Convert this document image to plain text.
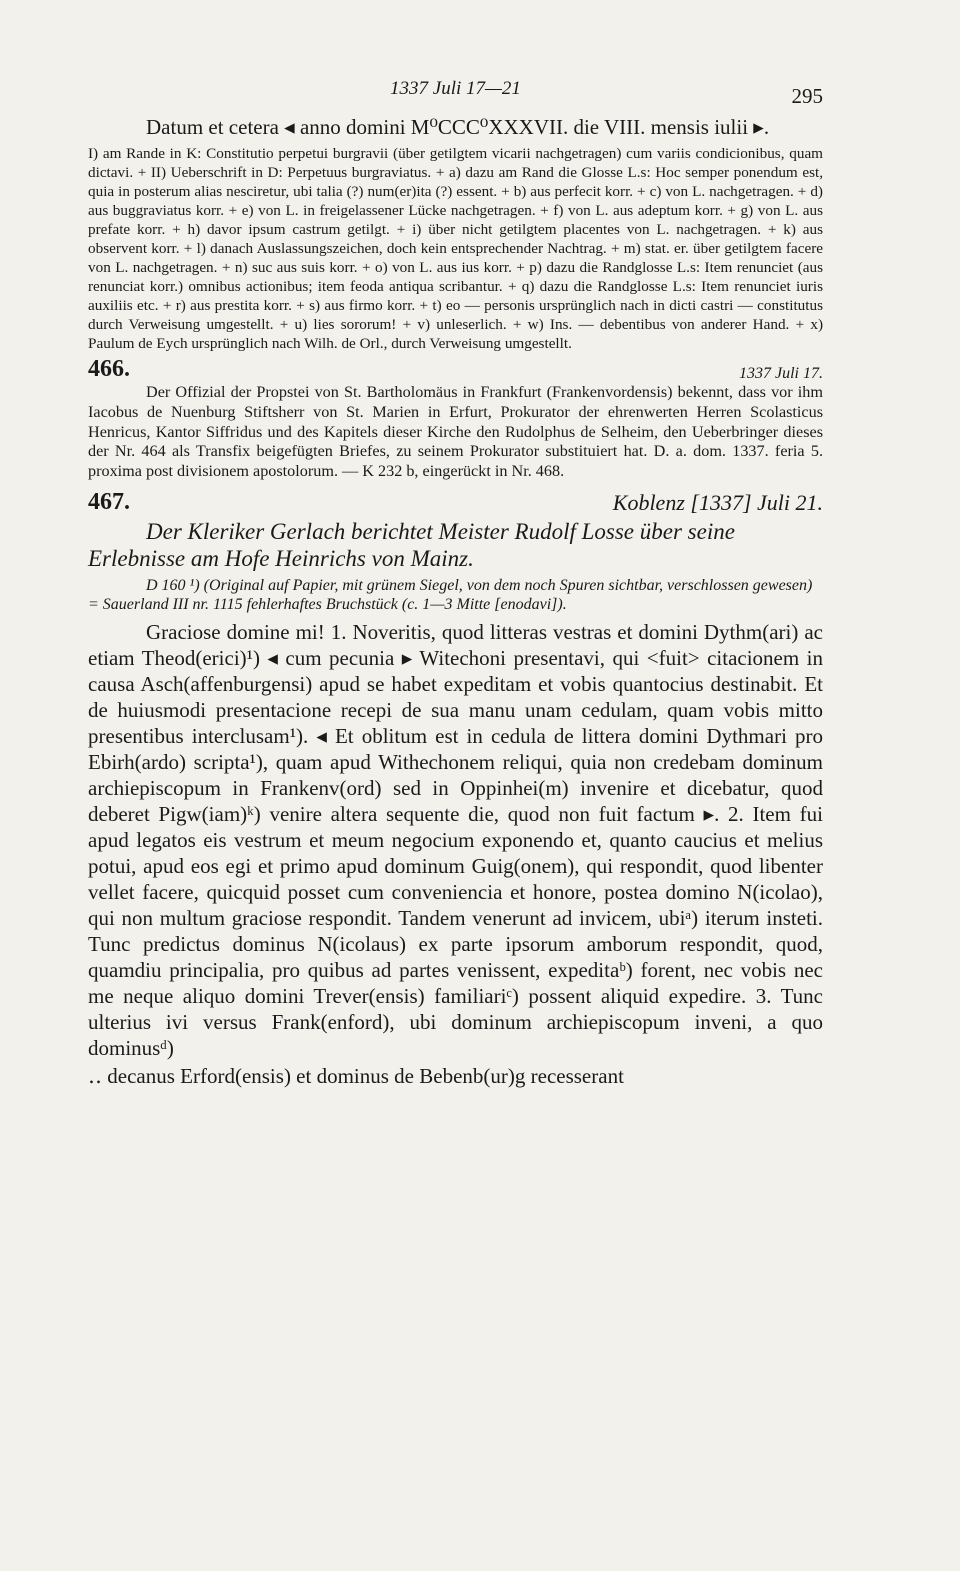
1337 Juli 17—21	295

Datum et cetera ◂ anno domini M⁰CCC⁰XXXVII. die VIII. mensis iulii ▸.

I) am Rande in K: Constitutio perpetui burgravii (über getilgtem vicarii nachgetragen) cum variis condicionibus, quam dictavi. + II) Ueberschrift in D: Perpetuus burgraviatus. + a) dazu am Rand die Glosse L.s: Hoc semper ponendum est, quia in posterum alias nesciretur, ubi talia (?) num(er)ita (?) essent. + b) aus perfecit korr. + c) von L. nachgetragen. + d) aus buggraviatus korr. + e) von L. in freigelassener Lücke nachgetragen. + f) von L. aus adeptum korr. + g) von L. aus prefate korr. + h) davor ipsum castrum getilgt. + i) über nicht getilgtem placentes von L. nachgetragen. + k) aus observent korr. + l) danach Auslassungszeichen, doch kein entsprechender Nachtrag. + m) stat. er. über getilgtem facere von L. nachgetragen. + n) suc aus suis korr. + o) von L. aus ius korr. + p) dazu die Randglosse L.s: Item renunciet (aus renunciat korr.) omnibus actionibus; item feoda antiqua scribantur. + q) dazu die Randglosse L.s: Item renunciet iuris auxiliis etc. + r) aus prestita korr. + s) aus firmo korr. + t) eo — personis ursprünglich nach in dicti castri — constitutus durch Verweisung umgestellt. + u) lies sororum! + v) unleserlich. + w) Ins. — debentibus von anderer Hand. + x) Paulum de Eych ursprünglich nach Wilh. de Orl., durch Verweisung umgestellt.

466.	1337 Juli 17.

Der Offizial der Propstei von St. Bartholomäus in Frankfurt (Frankenvordensis) bekennt, dass vor ihm Iacobus de Nuenburg Stiftsherr von St. Marien in Erfurt, Prokurator der ehrenwerten Herren Scolasticus Henricus, Kantor Siffridus und des Kapitels dieser Kirche den Rudolphus de Selheim, den Ueberbringer dieses der Nr. 464 als Transfix beigefügten Briefes, zu seinem Prokurator substituiert hat. D. a. dom. 1337. feria 5. proxima post divisionem apostolorum. — K 232 b, eingerückt in Nr. 468.

467.	Koblenz [1337] Juli 21.

Der Kleriker Gerlach berichtet Meister Rudolf Losse über seine Erlebnisse am Hofe Heinrichs von Mainz.

D 160 ¹) (Original auf Papier, mit grünem Siegel, von dem noch Spuren sichtbar, verschlossen gewesen) = Sauerland III nr. 1115 fehlerhaftes Bruchstück (c. 1—3 Mitte [enodavi]).

Graciose domine mi! 1. Noveritis, quod litteras vestras et domini Dythm(ari) ac etiam Theod(erici)¹) ◂ cum pecunia ▸ Witechoni presentavi, qui <fuit> citacionem in causa Asch(affenburgensi) apud se habet expeditam et vobis quantocius destinabit. Et de huiusmodi presentacione recepi de sua manu unam cedulam, quam vobis mitto presentibus interclusam¹). ◂ Et oblitum est in cedula de littera domini Dythmari pro Ebirh(ardo) scripta¹), quam apud Withechonem reliqui, quia non credebam dominum archiepiscopum in Frankenv(ord) sed in Oppinhei(m) invenire et dicebatur, quod deberet Pigw(iam)ᵏ) venire altera sequente die, quod non fuit factum ▸. 2. Item fui apud legatos eis vestrum et meum negocium exponendo et, quanto caucius et melius potui, apud eos egi et primo apud dominum Guig(onem), qui respondit, quod libenter vellet facere, quicquid posset cum conveniencia et honore, postea domino N(icolao), qui non multum graciose respondit. Tandem venerunt ad invicem, ubiᵃ) iterum insteti. Tunc predictus dominus N(icolaus) ex parte ipsorum amborum respondit, quod, quamdiu principalia, pro quibus ad partes venissent, expeditaᵇ) forent, nec vobis nec me neque aliquo domini Trever(ensis) familiariᶜ) possent aliquid expedire. 3. Tunc ulterius ivi versus Frank(enford), ubi dominum archiepiscopum inveni, a quo dominusᵈ)

‥ decanus Erford(ensis) et dominus de Bebenb(ur)g recesserant
